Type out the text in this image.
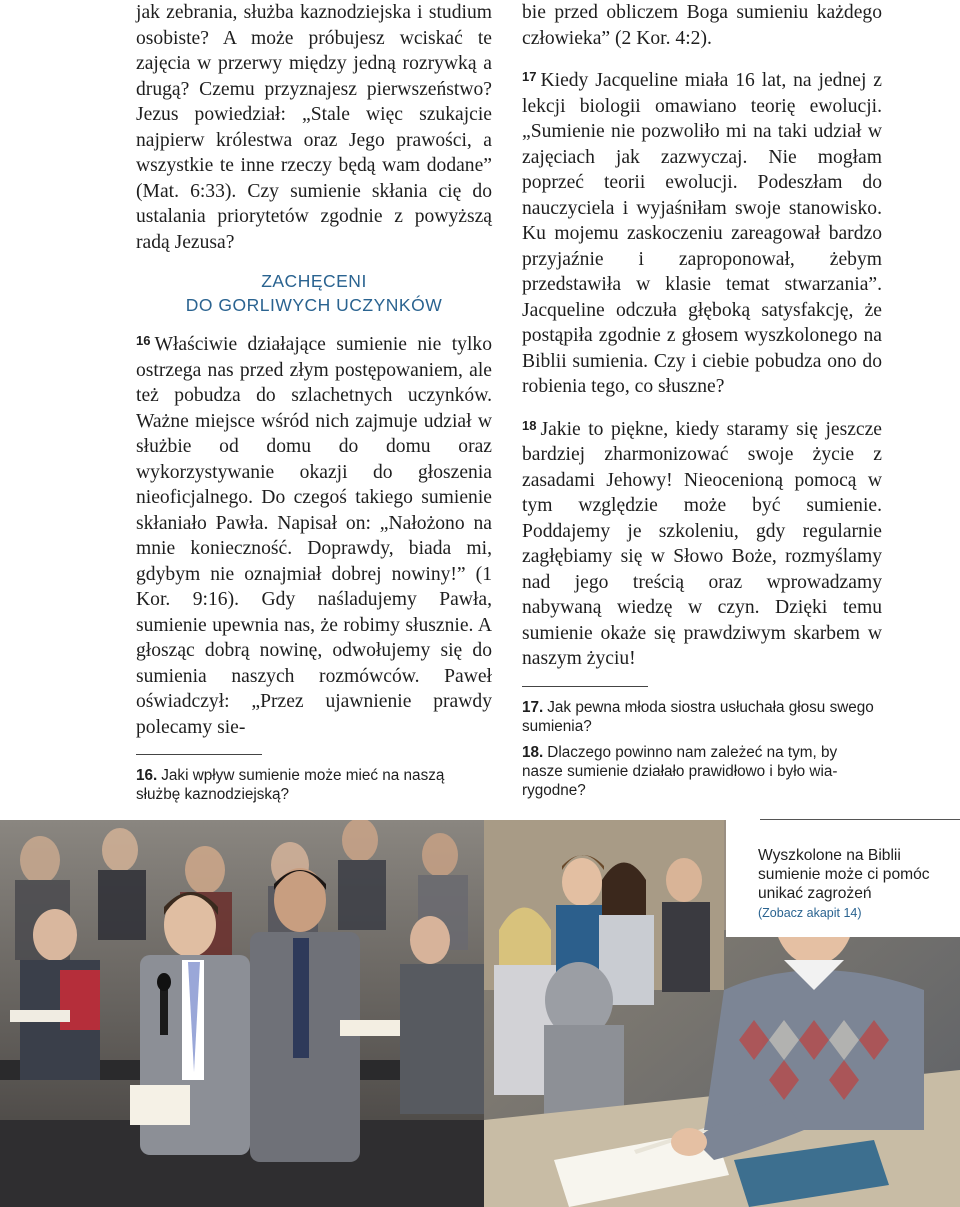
jak zebrania, służba kaznodziejska i studium osobiste? A może próbujesz wciskać te zajęcia w przerwy między jedną rozrywką a drugą? Czemu przyznajesz pierwszeństwo? Jezus powiedział: „Stale więc szukajcie najpierw królestwa oraz Jego prawości, a wszystkie te inne rzeczy będą wam dodane” (Mat. 6:33). Czy sumienie skłania cię do ustalania priorytetów zgodnie z powyższą radą Jezusa?

ZACHĘCENI
DO GORLIWYCH UCZYNKÓW

$^{16}$ Właściwie działające sumienie nie tylko ostrzega nas przed złym postępowaniem, ale też pobudza do szlachetnych uczynków. Ważne miejsce wśród nich zajmuje udział w służbie od domu do domu oraz wykorzystywanie okazji do głoszenia nieoficjalnego. Do czegoś takiego sumienie skłaniało Pawła. Napisał on: „Nałożono na mnie konieczność. Doprawdy, biada mi, gdybym nie oznajmiał dobrej nowiny!” (1 Kor. 9:16). Gdy naśladujemy Pawła, sumienie upewnia nas, że robimy słusznie. A głosząc dobrą nowinę, odwołujemy się do sumienia naszych rozmówców. Paweł oświadczył: „Przez ujawnienie prawdy polecamy sie-

16. Jaki wpływ sumienie może mieć na naszą służbę kaznodziejską?

bie przed obliczem Boga sumieniu każdego człowieka” (2 Kor. 4:2).

$^{17}$ Kiedy Jacqueline miała 16 lat, na jednej z lekcji biologii omawiano teorię ewolucji. „Sumienie nie pozwoliło mi na taki udział w zajęciach jak zazwyczaj. Nie mogłam poprzeć teorii ewolucji. Podeszłam do nauczyciela i wyjaśniłam swoje stanowisko. Ku mojemu zaskoczeniu zareagował bardzo przyjaźnie i zaproponował, żebym przedstawiła w klasie temat stwarzania”. Jacqueline odczuła głęboką satysfakcję, że postąpiła zgodnie z głosem wyszkolonego na Biblii sumienia. Czy i ciebie pobudza ono do robienia tego, co słuszne?

$^{18}$ Jakie to piękne, kiedy staramy się jeszcze bardziej zharmonizować swoje życie z zasadami Jehowy! Nieocenioną pomocą w tym względzie może być sumienie. Poddajemy je szkoleniu, gdy regularnie zagłębiamy się w Słowo Boże, rozmyślamy nad jego treścią oraz wprowadzamy nabywaną wiedzę w czyn. Dzięki temu sumienie okaże się prawdziwym skarbem w naszym życiu!

17. Jak pewna młoda siostra usłuchała głosu swego sumienia?

18. Dlaczego powinno nam zależeć na tym, by nasze sumienie działało prawidłowo i było wiarygodne?

Wyszkolone na Biblii sumienie może ci pomóc unikać zagrożeń
(Zobacz akapit 14)
